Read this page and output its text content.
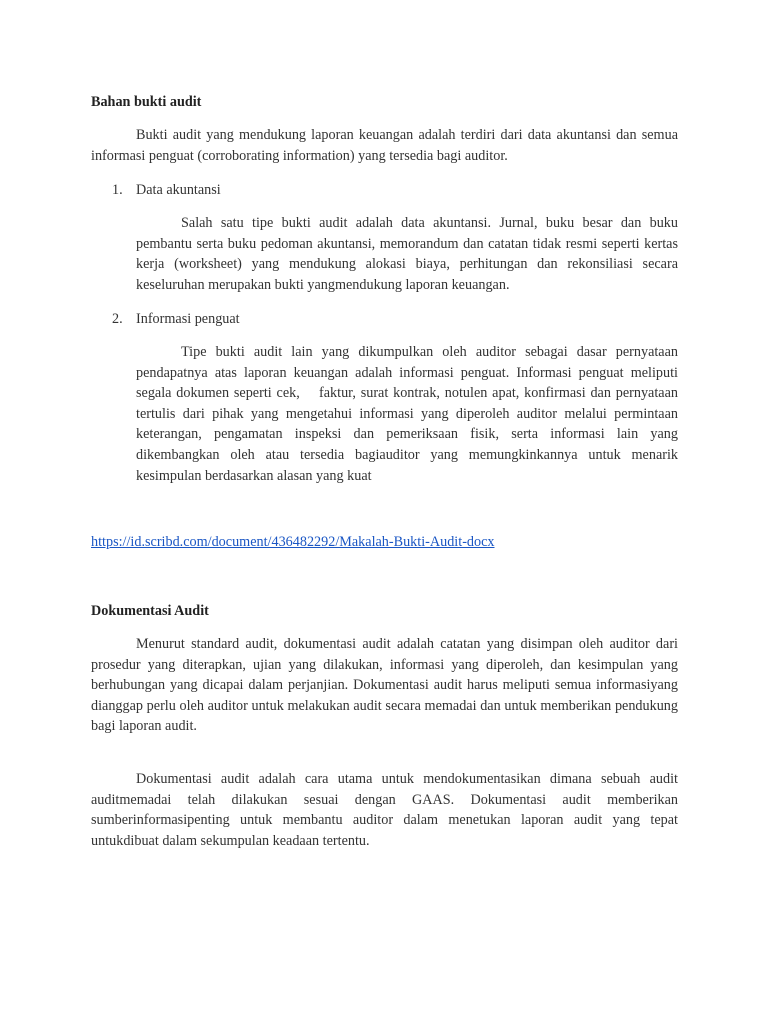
Bahan bukti audit
Bukti audit yang mendukung laporan keuangan adalah terdiri dari data akuntansi dan semua informasi penguat (corroborating information) yang tersedia bagi auditor.
1. Data akuntansi
Salah satu tipe bukti audit adalah data akuntansi. Jurnal, buku besar dan buku pembantu serta buku pedoman akuntansi, memorandum dan catatan tidak resmi seperti kertas kerja (worksheet) yang mendukung alokasi biaya, perhitungan dan rekonsiliasi secara keseluruhan merupakan bukti yangmendukung laporan keuangan.
2. Informasi penguat
Tipe bukti audit lain yang dikumpulkan oleh auditor sebagai dasar pernyataan pendapatnya atas laporan keuangan adalah informasi penguat. Informasi penguat meliputi segala dokumen seperti cek,    faktur, surat kontrak, notulen apat, konfirmasi dan pernyataan tertulis dari pihak yang mengetahui informasi yang diperoleh auditor melalui permintaan keterangan, pengamatan inspeksi dan pemeriksaan fisik, serta informasi lain yang dikembangkan oleh atau tersedia bagiauditor yang memungkinkannya untuk menarik kesimpulan berdasarkan alasan yang kuat
https://id.scribd.com/document/436482292/Makalah-Bukti-Audit-docx
Dokumentasi Audit
Menurut standard audit, dokumentasi audit adalah catatan yang disimpan oleh auditor dari prosedur yang diterapkan, ujian yang dilakukan, informasi yang diperoleh, dan kesimpulan yang berhubungan yang dicapai dalam perjanjian. Dokumentasi audit harus meliputi semua informasiyang dianggap perlu oleh auditor untuk melakukan audit secara memadai dan untuk memberikan pendukung bagi laporan audit.
Dokumentasi audit adalah cara utama untuk mendokumentasikan dimana sebuah audit auditmemadai telah dilakukan sesuai dengan GAAS. Dokumentasi audit memberikan sumberinformasipenting untuk membantu auditor dalam menetukan laporan audit yang tepat untukdibuat dalam sekumpulan keadaan tertentu.
